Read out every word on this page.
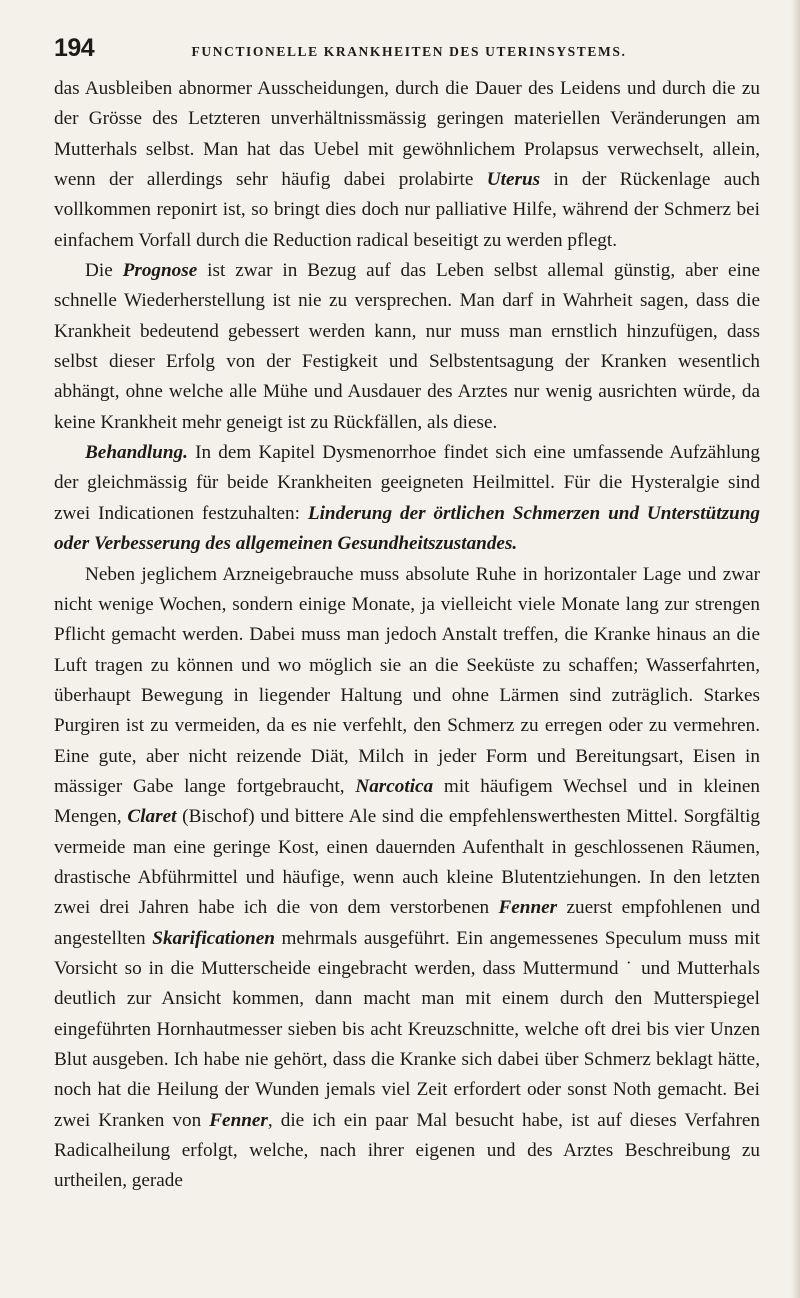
194	FUNCTIONELLE KRANKHEITEN DES UTERINSYSTEMS.

das Ausbleiben abnormer Ausscheidungen, durch die Dauer des Leidens und durch die zu der Grösse des Letzteren unverhältnissmässig geringen materiellen Veränderungen am Mutterhals selbst. Man hat das Uebel mit gewöhnlichem Prolapsus verwechselt, allein, wenn der allerdings sehr häufig dabei prolabirte Uterus in der Rückenlage auch vollkommen reponirt ist, so bringt dies doch nur palliative Hilfe, während der Schmerz bei einfachem Vorfall durch die Reduction radical beseitigt zu werden pflegt.

Die Prognose ist zwar in Bezug auf das Leben selbst allemal günstig, aber eine schnelle Wiederherstellung ist nie zu versprechen. Man darf in Wahrheit sagen, dass die Krankheit bedeutend gebessert werden kann, nur muss man ernstlich hinzufügen, dass selbst dieser Erfolg von der Festigkeit und Selbstentsagung der Kranken wesentlich abhängt, ohne welche alle Mühe und Ausdauer des Arztes nur wenig ausrichten würde, da keine Krankheit mehr geneigt ist zu Rückfällen, als diese.

Behandlung. In dem Kapitel Dysmenorrhoe findet sich eine umfassende Aufzählung der gleichmässig für beide Krankheiten geeigneten Heilmittel. Für die Hysteralgie sind zwei Indicationen festzuhalten: Linderung der örtlichen Schmerzen und Unterstützung oder Verbesserung des allgemeinen Gesundheitszustandes.

Neben jeglichem Arzneigebrauche muss absolute Ruhe in horizontaler Lage und zwar nicht wenige Wochen, sondern einige Monate, ja vielleicht viele Monate lang zur strengen Pflicht gemacht werden. Dabei muss man jedoch Anstalt treffen, die Kranke hinaus an die Luft tragen zu können und wo möglich sie an die Seeküste zu schaffen; Wasserfahrten, überhaupt Bewegung in liegender Haltung und ohne Lärmen sind zuträglich. Starkes Purgiren ist zu vermeiden, da es nie verfehlt, den Schmerz zu erregen oder zu vermehren. Eine gute, aber nicht reizende Diät, Milch in jeder Form und Bereitungsart, Eisen in mässiger Gabe lange fortgebraucht, Narcotica mit häufigem Wechsel und in kleinen Mengen, Claret (Bischof) und bittere Ale sind die empfehlenswerthesten Mittel. Sorgfältig vermeide man eine geringe Kost, einen dauernden Aufenthalt in geschlossenen Räumen, drastische Abführmittel und häufige, wenn auch kleine Blutentziehungen. In den letzten zwei drei Jahren habe ich die von dem verstorbenen Fenner zuerst empfohlenen und angestellten Skarificationen mehrmals ausgeführt. Ein angemessenes Speculum muss mit Vorsicht so in die Mutterscheide eingebracht werden, dass Muttermund ˙ und Mutterhals deutlich zur Ansicht kommen, dann macht man mit einem durch den Mutterspiegel eingeführten Hornhautmesser sieben bis acht Kreuzschnitte, welche oft drei bis vier Unzen Blut ausgeben. Ich habe nie gehört, dass die Kranke sich dabei über Schmerz beklagt hätte, noch hat die Heilung der Wunden jemals viel Zeit erfordert oder sonst Noth gemacht. Bei zwei Kranken von Fenner, die ich ein paar Mal besucht habe, ist auf dieses Verfahren Radicalheilung erfolgt, welche, nach ihrer eigenen und des Arztes Beschreibung zu urtheilen, gerade
